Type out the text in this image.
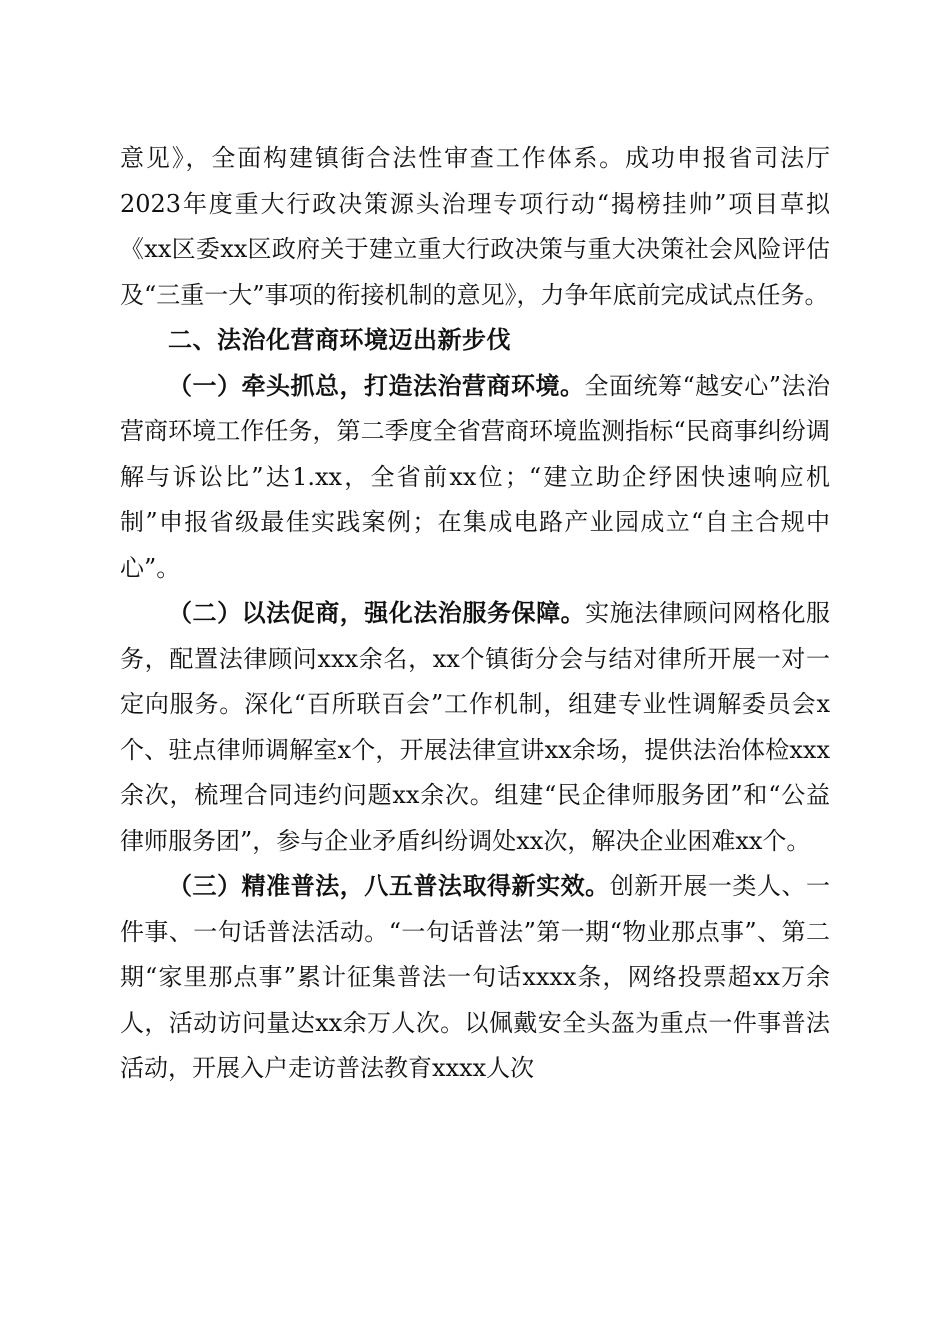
意见》，全面构建镇街合法性审查工作体系。成功申报省司法厅2023年度重大行政决策源头治理专项行动“揭榜挂帅”项目草拟《xx区委xx区政府关于建立重大行政决策与重大决策社会风险评估及“三重一大”事项的衔接机制的意见》，力争年底前完成试点任务。

二、法治化营商环境迈出新步伐

（一）牵头抓总，打造法治营商环境。全面统筹“越安心”法治营商环境工作任务，第二季度全省营商环境监测指标“民商事纠纷调解与诉讼比”达1.xx，全省前xx位；“建立助企纾困快速响应机制”申报省级最佳实践案例；在集成电路产业园成立“自主合规中心”。

（二）以法促商，强化法治服务保障。实施法律顾问网格化服务，配置法律顾问xxx余名，xx个镇街分会与结对律所开展一对一定向服务。深化“百所联百会”工作机制，组建专业性调解委员会x个、驻点律师调解室x个，开展法律宣讲xx余场，提供法治体检xxx余次，梳理合同违约问题xx余次。组建“民企律师服务团”和“公益律师服务团”，参与企业矛盾纠纷调处xx次，解决企业困难xx个。

（三）精准普法，八五普法取得新实效。创新开展一类人、一件事、一句话普法活动。“一句话普法”第一期“物业那点事”、第二期“家里那点事”累计征集普法一句话xxxx条，网络投票超xx万余人，活动访问量达xx余万人次。以佩戴安全头盔为重点一件事普法活动，开展入户走访普法教育xxxx人次
